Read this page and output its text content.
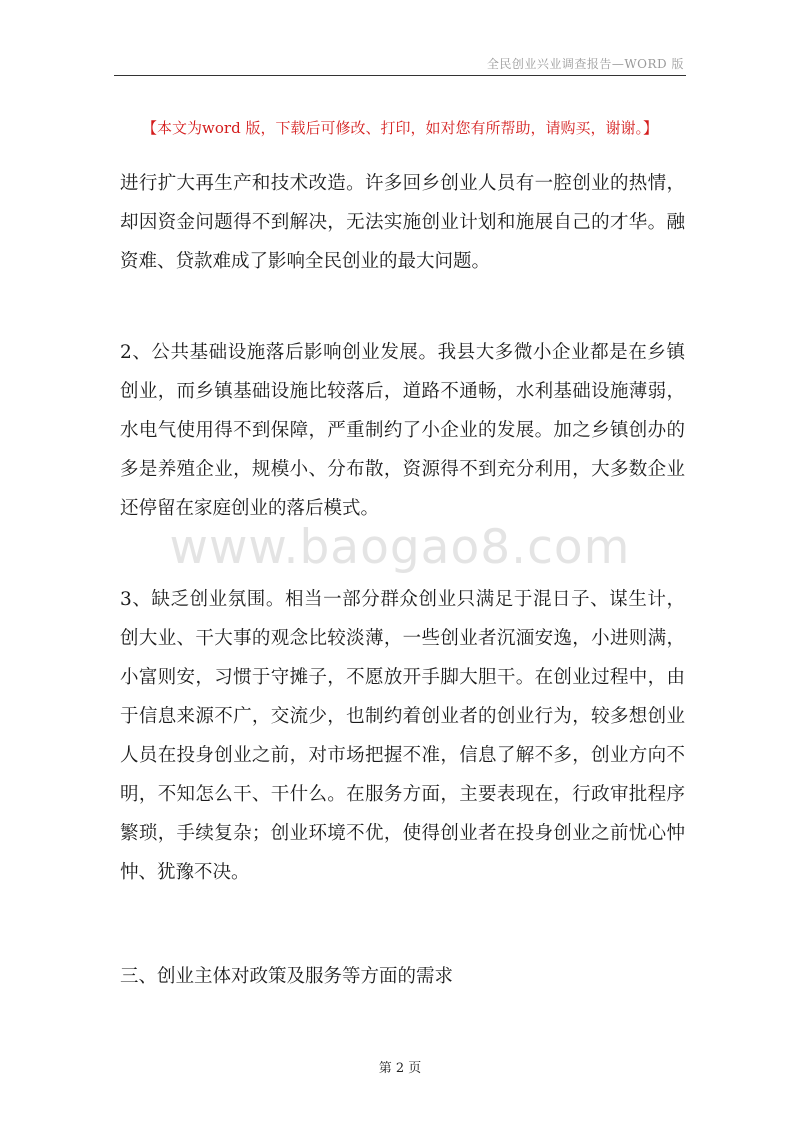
全民创业兴业调查报告—WORD 版
【本文为word 版，下载后可修改、打印，如对您有所帮助，请购买，谢谢。】
www.baogao8.com
进行扩大再生产和技术改造。许多回乡创业人员有一腔创业的热情，
却因资金问题得不到解决，无法实施创业计划和施展自己的才华。融
资难、贷款难成了影响全民创业的最大问题。
2、公共基础设施落后影响创业发展。我县大多微小企业都是在乡镇
创业，而乡镇基础设施比较落后，道路不通畅，水利基础设施薄弱，
水电气使用得不到保障，严重制约了小企业的发展。加之乡镇创办的
多是养殖企业，规模小、分布散，资源得不到充分利用，大多数企业
还停留在家庭创业的落后模式。
3、缺乏创业氛围。相当一部分群众创业只满足于混日子、谋生计，
创大业、干大事的观念比较淡薄，一些创业者沉湎安逸，小进则满，
小富则安，习惯于守摊子，不愿放开手脚大胆干。在创业过程中，由
于信息来源不广，交流少，也制约着创业者的创业行为，较多想创业
人员在投身创业之前，对市场把握不准，信息了解不多，创业方向不
明，不知怎么干、干什么。在服务方面，主要表现在，行政审批程序
繁琐，手续复杂；创业环境不优，使得创业者在投身创业之前忧心忡
忡、犹豫不决。
三、创业主体对政策及服务等方面的需求
第 2 页
